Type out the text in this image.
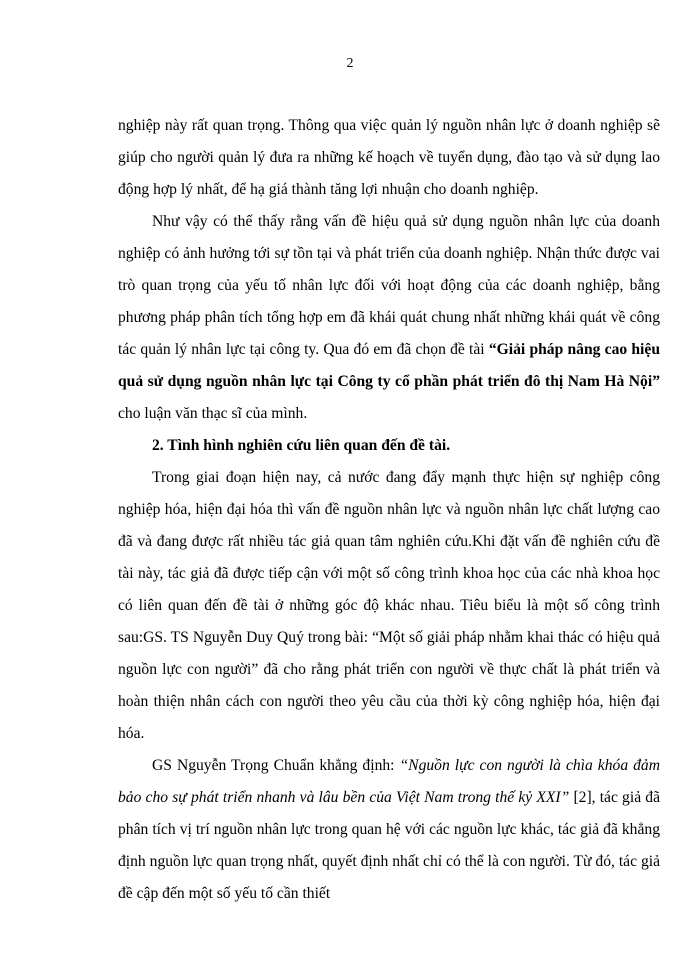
2

nghiệp này rất quan trọng. Thông qua việc quản lý nguồn nhân lực ở doanh nghiệp sẽ giúp cho người quản lý đưa ra những kế hoạch về tuyển dụng, đào tạo và sử dụng lao động hợp lý nhất, để hạ giá thành tăng lợi nhuận cho doanh nghiệp.

Như vậy có thể thấy rằng vấn đề hiệu quả sử dụng nguồn nhân lực của doanh nghiệp có ảnh hưởng tới sự tồn tại và phát triển của doanh nghiệp. Nhận thức được vai trò quan trọng của yếu tố nhân lực đối với hoạt động của các doanh nghiệp, bằng phương pháp phân tích tổng hợp em đã khái quát chung nhất những khái quát về công tác quản lý nhân lực tại công ty. Qua đó em đã chọn đề tài “Giải pháp nâng cao hiệu quả sử dụng nguồn nhân lực tại Công ty cổ phần phát triển đô thị Nam Hà Nội” cho luận văn thạc sĩ của mình.

2. Tình hình nghiên cứu liên quan đến đề tài.

Trong giai đoạn hiện nay, cả nước đang đẩy mạnh thực hiện sự nghiệp công nghiệp hóa, hiện đại hóa thì vấn đề nguồn nhân lực và nguồn nhân lực chất lượng cao đã và đang được rất nhiều tác giả quan tâm nghiên cứu.Khi đặt vấn đề nghiên cứu đề tài này, tác giả đã được tiếp cận với một số công trình khoa học của các nhà khoa học có liên quan đến đề tài ở những góc độ khác nhau. Tiêu biểu là một số công trình sau:GS. TS Nguyễn Duy Quý trong bài: “Một số giải pháp nhằm khai thác có hiệu quả nguồn lực con người” đã cho rằng phát triển con người về thực chất là phát triển và hoàn thiện nhân cách con người theo yêu cầu của thời kỳ công nghiệp hóa, hiện đại hóa.

GS Nguyễn Trọng Chuẩn khẳng định: “Nguồn lực con người là chìa khóa đảm bảo cho sự phát triển nhanh và lâu bền của Việt Nam trong thế kỷ XXI” [2], tác giả đã phân tích vị trí nguồn nhân lực trong quan hệ với các nguồn lực khác, tác giả đã khẳng định nguồn lực quan trọng nhất, quyết định nhất chỉ có thể là con người. Từ đó, tác giả đề cập đến một số yếu tố cần thiết
